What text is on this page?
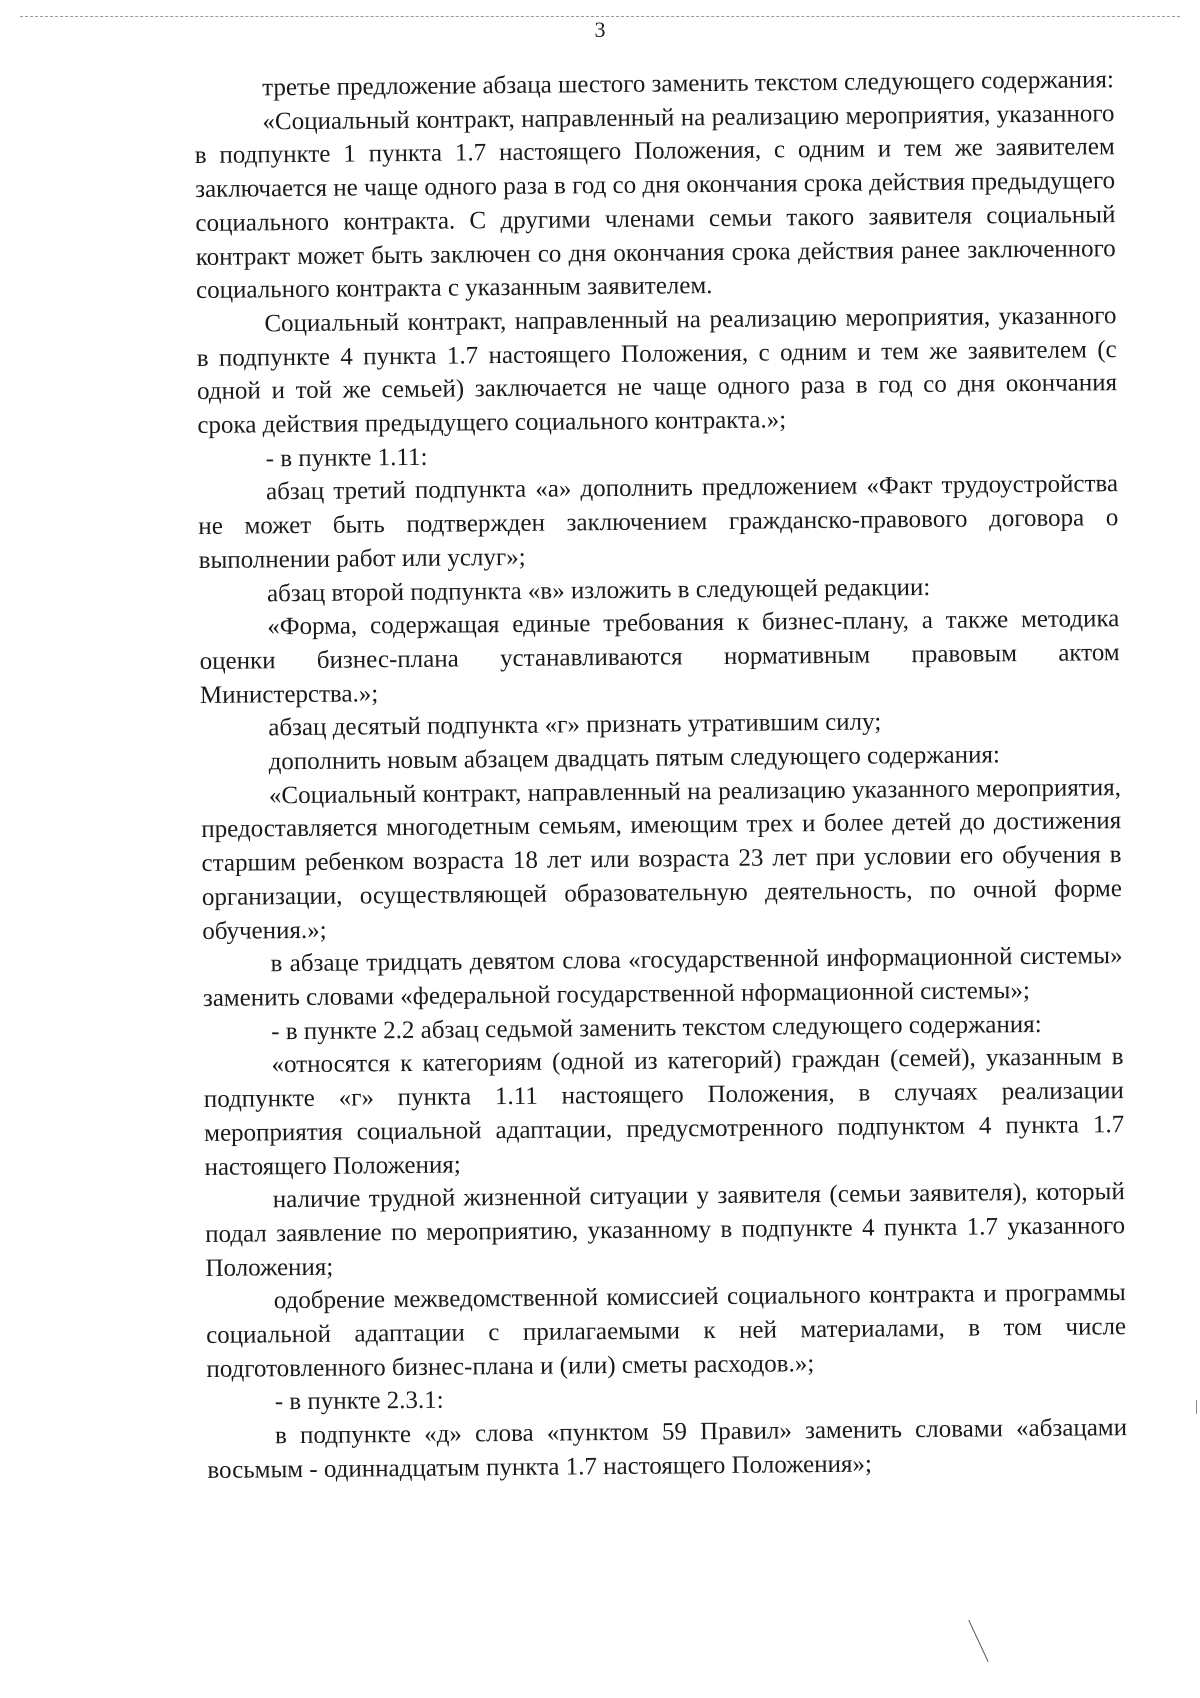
3

третье предложение абзаца шестого заменить текстом следующего содержания:

«Социальный контракт, направленный на реализацию мероприятия, указанного в подпункте 1 пункта 1.7 настоящего Положения, с одним и тем же заявителем заключается не чаще одного раза в год со дня окончания срока действия предыдущего социального контракта. С другими членами семьи такого заявителя социальный контракт может быть заключен со дня окончания срока действия ранее заключенного социального контракта с указанным заявителем.

Социальный контракт, направленный на реализацию мероприятия, указанного в подпункте 4 пункта 1.7 настоящего Положения, с одним и тем же заявителем (с одной и той же семьей) заключается не чаще одного раза в год со дня окончания срока действия предыдущего социального контракта.»;

- в пункте 1.11:

абзац третий подпункта «а» дополнить предложением «Факт трудоустройства не может быть подтвержден заключением гражданско-правового договора о выполнении работ или услуг»;

абзац второй подпункта «в» изложить в следующей редакции:

«Форма, содержащая единые требования к бизнес-плану, а также методика оценки бизнес-плана устанавливаются нормативным правовым актом Министерства.»;

абзац десятый подпункта «г» признать утратившим силу;

дополнить новым абзацем двадцать пятым следующего содержания:

«Социальный контракт, направленный на реализацию указанного мероприятия, предоставляется многодетным семьям, имеющим трех и более детей до достижения старшим ребенком возраста 18 лет или возраста 23 лет при условии его обучения в организации, осуществляющей образовательную деятельность, по очной форме обучения.»;

в абзаце тридцать девятом слова «государственной информационной системы» заменить словами «федеральной государственной нформационной системы»;

- в пункте 2.2 абзац седьмой заменить текстом следующего содержания:

«относятся к категориям (одной из категорий) граждан (семей), указанным в подпункте «г» пункта 1.11 настоящего Положения, в случаях реализации мероприятия социальной адаптации, предусмотренного подпунктом 4 пункта 1.7 настоящего Положения;

наличие трудной жизненной ситуации у заявителя (семьи заявителя), который подал заявление по мероприятию, указанному в подпункте 4 пункта 1.7 указанного Положения;

одобрение межведомственной комиссией социального контракта и программы социальной адаптации с прилагаемыми к ней материалами, в том числе подготовленного бизнес-плана и (или) сметы расходов.»;

- в пункте 2.3.1:

в подпункте «д» слова «пунктом 59 Правил» заменить словами «абзацами восьмым - одиннадцатым пункта 1.7 настоящего Положения»;
